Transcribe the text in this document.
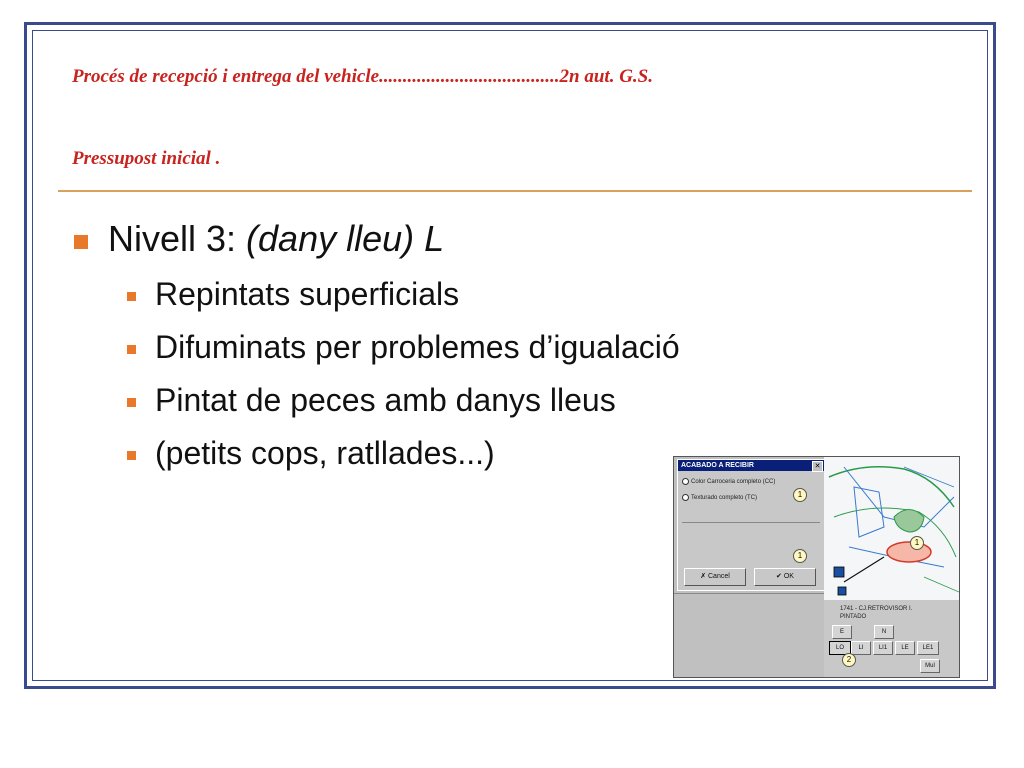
Procés de recepció i entrega del vehicle......................................2n aut. G.S.
Pressupost inicial .
Nivell 3: (dany lleu) L
Repintats superficials
Difuminats per problemes d’igualació
Pintat de peces amb danys lleus
(petits cops, ratllades...)	ACABADO A RECIBIR	✕
Color Carroceria completo (CC)
Texturado completo (TC)
✗ Cancel	✔ OK
1
1
1
1741 - CJ.RETROVISOR I.
PINTADO
E	N
LO	LI	LI1	LE	LE1
Mul
2
